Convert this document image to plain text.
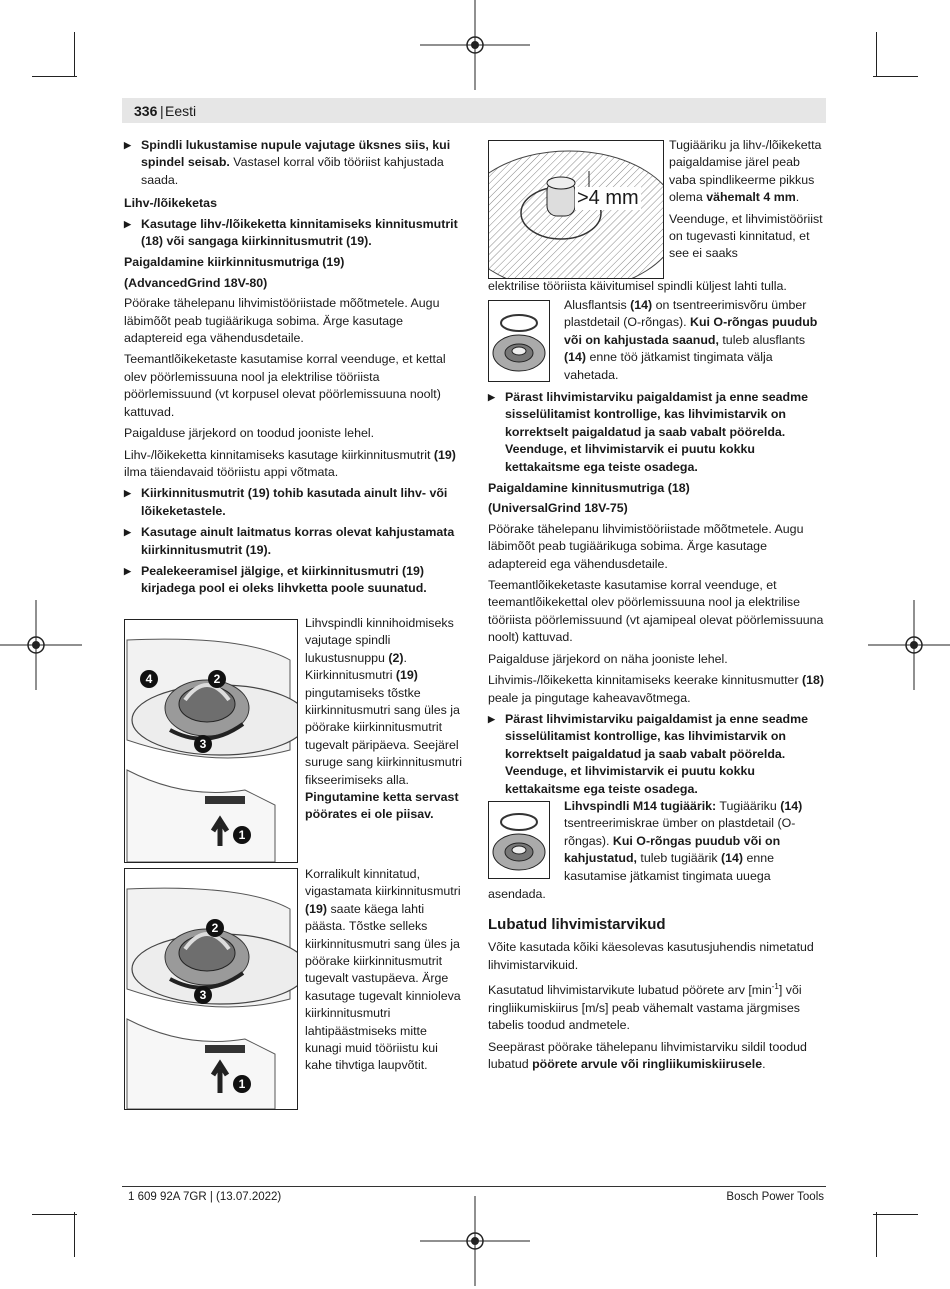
336 | Eesti
▶ Spindli lukustamise nupule vajutage üksnes siis, kui spindel seisab. Vastasel korral võib tööriist kahjustada saada.
Lihv-/lõikeketas
▶ Kasutage lihv-/lõikeketta kinnitamiseks kinnitusmutrit (18) või sangaga kiirkinnitusmutrit (19).
Paigaldamine kiirkinnitusmutriga (19)
(AdvancedGrind 18V-80)

Pöörake tähelepanu lihvimistööriistade mõõtmetele. Augu läbimõõt peab tugiäärikuga sobima. Ärge kasutage adaptereid ega vähendusdetaile.

Teemantlõikeketaste kasutamise korral veenduge, et kettal olev pöörlemissuuna nool ja elektrilise tööriista pöörlemissuund (vt korpusel olevat pöörlemissuuna noolt) kattuvad.

Paigalduse järjekord on toodud jooniste lehel.

Lihv-/lõikeketta kinnitamiseks kasutage kiirkinnitusmutrit (19) ilma täiendavaid tööriistu appi võtmata.

▶ Kiirkinnitusmutrit (19) tohib kasutada ainult lihv- või lõikeketastele.
▶ Kasutage ainult laitmatus korras olevat kahjustamata kiirkinnitusmutrit (19).
▶ Pealekeeramisel jälgige, et kiirkinnitusmutri (19) kirjadega pool ei oleks lihvketta poole suunatud.
4	2
3
1
Lihvspindli kinnihoidmiseks vajutage spindli lukustusnuppu (2). Kiirkinnitusmutri (19) pingutamiseks tõstke kiirkinnitusmutri sang üles ja pöörake kiirkinnitusmutrit tugevalt päripäeva. Seejärel suruge sang kiirkinnitusmutri fikseerimiseks alla. Pingutamine ketta servast pöörates ei ole piisav.
2
3
1
Korralikult kinnitatud, vigastamata kiirkinnitusmutri (19) saate käega lahti päästa. Tõstke selleks kiirkinnitusmutri sang üles ja pöörake kiirkinnitusmutrit tugevalt vastupäeva. Ärge kasutage tugevalt kinnioleva kiirkinnitusmutri lahtipäästmiseks mitte kunagi muid tööriistu kui kahe tihvtiga laupvõtit.
>4 mm
Tugiääriku ja lihv-/lõikeketta paigaldamise järel peab vaba spindlikeerme pikkus olema vähemalt 4 mm.

Veenduge, et lihvimistööriist on tugevasti kinnitatud, et see ei saaks

elektrilise tööriista käivitumisel spindli küljest lahti tulla.
Alusflantsis (14) on tsentreerimisvõru ümber plastdetail (O-rõngas). Kui O-rõngas puudub või on kahjustada saanud, tuleb alusflants (14) enne töö jätkamist tingimata välja vahetada.
▶ Pärast lihvimistarviku paigaldamist ja enne seadme sisselülitamist kontrollige, kas lihvimistarvik on korrektselt paigaldatud ja saab vabalt pöörelda. Veenduge, et lihvimistarvik ei puutu kokku kettakaitsme ega teiste osadega.
Paigaldamine kinnitusmutriga (18)
(UniversalGrind 18V-75)

Pöörake tähelepanu lihvimistööriistade mõõtmetele. Augu läbimõõt peab tugiäärikuga sobima. Ärge kasutage adaptereid ega vähendusdetaile.

Teemantlõikeketaste kasutamise korral veenduge, et teemantlõikekettal olev pöörlemissuuna nool ja elektrilise tööriista pöörlemissuund (vt ajamipeal olevat pöörlemissuuna noolt) kattuvad.

Paigalduse järjekord on näha jooniste lehel.

Lihvimis-/lõikeketta kinnitamiseks keerake kinnitusmutter (18) peale ja pingutage kaheavavõtmega.

▶ Pärast lihvimistarviku paigaldamist ja enne seadme sisselülitamist kontrollige, kas lihvimistarvik on korrektselt paigaldatud ja saab vabalt pöörelda. Veenduge, et lihvimistarvik ei puutu kokku kettakaitsme ega teiste osadega.
Lihvspindli M14 tugiäärik: Tugiääriku (14) tsentreerimiskrae ümber on plastdetail (O-rõngas). Kui O-rõngas puudub või on kahjustatud, tuleb tugiäärik (14) enne kasutamise jätkamist tingimata uuega
asendada.
Lubatud lihvimistarvikud

Võite kasutada kõiki käesolevas kasutusjuhendis nimetatud lihvimistarvikuid.

Kasutatud lihvimistarvikute lubatud pöörete arv $[\min^{-1}]$ või ringliikumiskiirus [m/s] peab vähemalt vastama järgmises tabelis toodud andmetele.

Seepärast pöörake tähelepanu lihvimistarviku sildil toodud lubatud pöörete arvule või ringliikumiskiirusele.

1 609 92A 7GR | (13.07.2022)	Bosch Power Tools
